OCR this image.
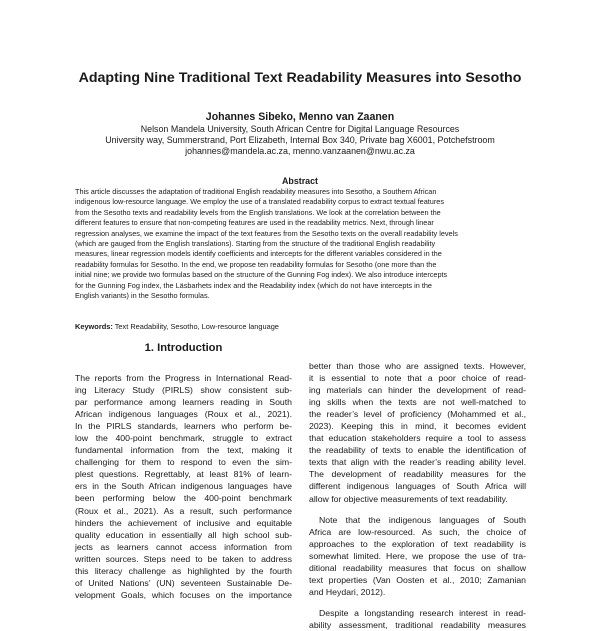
Adapting Nine Traditional Text Readability Measures into Sesotho
Johannes Sibeko, Menno van Zaanen
Nelson Mandela University, South African Centre for Digital Language Resources
University way, Summerstrand, Port Elizabeth, Internal Box 340, Private bag X6001, Potchefstroom
johannes@mandela.ac.za, menno.vanzaanen@nwu.ac.za
Abstract
This article discusses the adaptation of traditional English readability measures into Sesotho, a Southern African
indigenous low-resource language. We employ the use of a translated readability corpus to extract textual features
from the Sesotho texts and readability levels from the English translations. We look at the correlation between the
different features to ensure that non-competing features are used in the readability metrics. Next, through linear
regression analyses, we examine the impact of the text features from the Sesotho texts on the overall readability levels
(which are gauged from the English translations). Starting from the structure of the traditional English readability
measures, linear regression models identify coefficients and intercepts for the different variables considered in the
readability formulas for Sesotho. In the end, we propose ten readability formulas for Sesotho (one more than the
initial nine; we provide two formulas based on the structure of the Gunning Fog index). We also introduce intercepts
for the Gunning Fog index, the Läsbarhets index and the Readability index (which do not have intercepts in the
English variants) in the Sesotho formulas.
Keywords: Text Readability, Sesotho, Low-resource language
1. Introduction
The reports from the Progress in International Read-
ing Literacy Study (PIRLS) show consistent sub-
par performance among learners reading in South
African indigenous languages (Roux et al., 2021).
In the PIRLS standards, learners who perform be-
low the 400-point benchmark, struggle to extract
fundamental information from the text, making it
challenging for them to respond to even the sim-
plest questions. Regrettably, at least 81% of learn-
ers in the South African indigenous languages have
been performing below the 400-point benchmark
(Roux et al., 2021). As a result, such performance
hinders the achievement of inclusive and equitable
quality education in essentially all high school sub-
jects as learners cannot access information from
written sources. Steps need to be taken to address
this literacy challenge as highlighted by the fourth
of United Nations’ (UN) seventeen Sustainable De-
velopment Goals, which focuses on the importance
better than those who are assigned texts. However,
it is essential to note that a poor choice of read-
ing materials can hinder the development of read-
ing skills when the texts are not well-matched to
the reader’s level of proficiency (Mohammed et al.,
2023). Keeping this in mind, it becomes evident
that education stakeholders require a tool to assess
the readability of texts to enable the identification of
texts that align with the reader’s reading ability level.
The development of readability measures for the
different indigenous languages of South Africa will
allow for objective measurements of text readability.
Note that the indigenous languages of South
Africa are low-resourced. As such, the choice of
approaches to the exploration of text readability is
somewhat limited. Here, we propose the use of tra-
ditional readability measures that focus on shallow
text properties (Van Oosten et al., 2010; Zamanian
and Heydari, 2012).
Despite a longstanding research interest in read-
ability assessment, traditional readability measures
